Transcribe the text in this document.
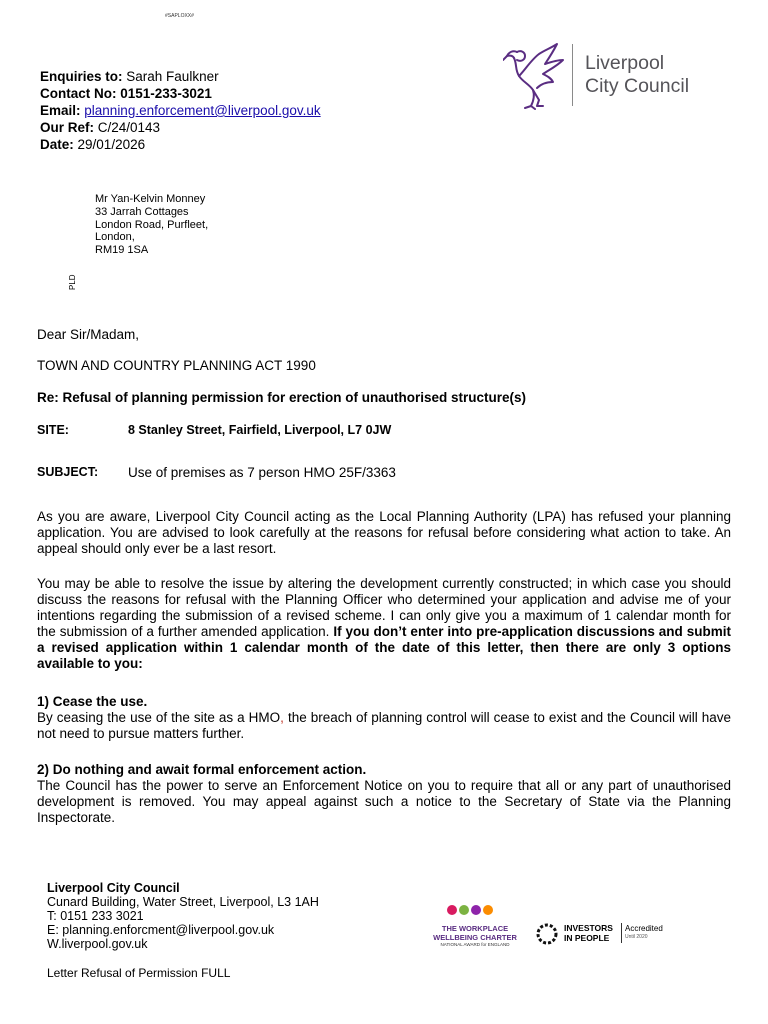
#SAPLOXX#
Enquiries to: Sarah Faulkner
Contact No: 0151-233-3021
Email: planning.enforcement@liverpool.gov.uk
Our Ref: C/24/0143
Date: 29/01/2026
Liverpool
City Council
Mr Yan-Kelvin Monney
33 Jarrah Cottages
London Road, Purfleet,
London,
RM19 1SA
PLD
Dear Sir/Madam,
TOWN AND COUNTRY PLANNING ACT 1990
Re: Refusal of planning permission for erection of unauthorised structure(s)
SITE:	8 Stanley Street, Fairfield, Liverpool, L7 0JW
SUBJECT: Use of premises as 7 person HMO 25F/3363
As you are aware, Liverpool City Council acting as the Local Planning Authority (LPA) has refused your planning application. You are advised to look carefully at the reasons for refusal before considering what action to take. An appeal should only ever be a last resort.
You may be able to resolve the issue by altering the development currently constructed; in which case you should discuss the reasons for refusal with the Planning Officer who determined your application and advise me of your intentions regarding the submission of a revised scheme. I can only give you a maximum of 1 calendar month for the submission of a further amended application. If you don’t enter into pre-application discussions and submit a revised application within 1 calendar month of the date of this letter, then there are only 3 options available to you:
1) Cease the use.
By ceasing the use of the site as a HMO, the breach of planning control will cease to exist and the Council will have not need to pursue matters further.
2) Do nothing and await formal enforcement action.
The Council has the power to serve an Enforcement Notice on you to require that all or any part of unauthorised development is removed. You may appeal against such a notice to the Secretary of State via the Planning Inspectorate.
Liverpool City Council
Cunard Building, Water Street, Liverpool, L3 1AH
T: 0151 233 3021
E: planning.enforcment@liverpool.gov.uk
W.liverpool.gov.uk
Letter Refusal of Permission FULL
THE WORKPLACE
WELLBEING CHARTER
NATIONAL AWARD for ENGLAND
INVESTORS
IN PEOPLE
Accredited
Until 2020
